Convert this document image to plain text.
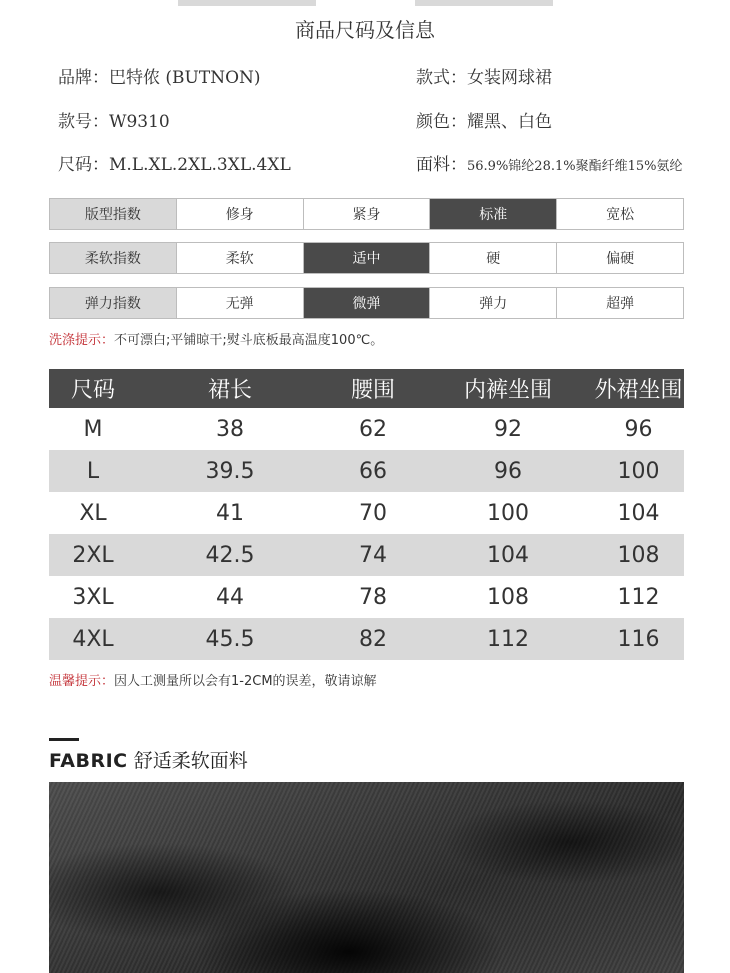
商品尺码及信息
品牌：巴特侬 (BUTNON)	款式：女装网球裙
款号：W9310	颜色：耀黑、白色
尺码：M.L.XL.2XL.3XL.4XL	面料：56.9%锦纶28.1%聚酯纤维15%氨纶
版型指数	修身	紧身	标准	宽松
柔软指数	柔软	适中	硬	偏硬
弹力指数	无弹	微弹	弹力	超弹
洗涤提示：不可漂白;平铺晾干;熨斗底板最高温度100℃。
尺码	裙长	腰围	内裤坐围	外裙坐围
M	38	62	92	96
L	39.5	66	96	100
XL	41	70	100	104
2XL	42.5	74	104	108
3XL	44	78	108	112
4XL	45.5	82	112	116
温馨提示：因人工测量所以会有1-2CM的误差，敬请谅解
FABRIC 舒适柔软面料
